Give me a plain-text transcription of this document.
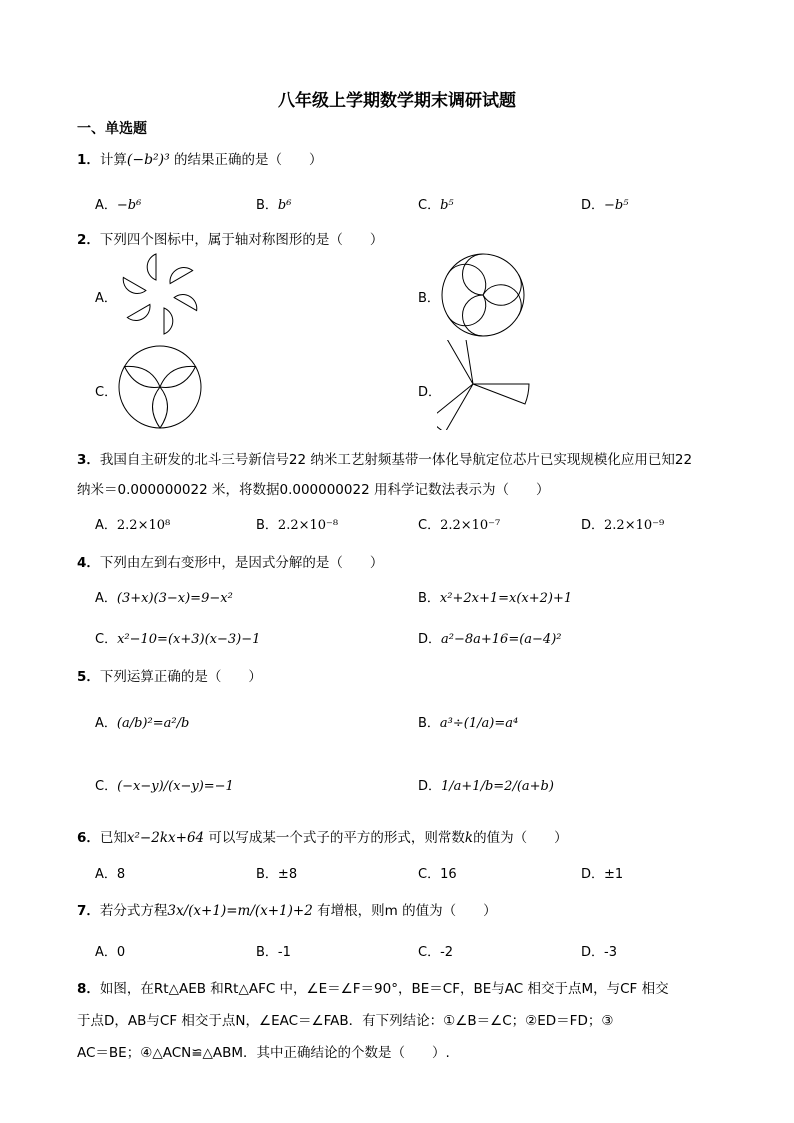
八年级上学期数学期末调研试题
一、单选题
1．计算(−b²)³ 的结果正确的是（　　）
A．−b⁶	B．b⁶	C．b⁵	D．−b⁵
2．下列四个图标中，属于轴对称图形的是（　　）
A．	B．
C．	D．
3．我国自主研发的北斗三号新信号22 纳米工艺射频基带一体化导航定位芯片已实现规模化应用已知22
纳米＝0.000000022 米，将数据0.000000022 用科学记数法表示为（　　）
A．2.2×10⁸	B．2.2×10⁻⁸	C．2.2×10⁻⁷	D．2.2×10⁻⁹
4．下列由左到右变形中，是因式分解的是（　　）
A．(3+x)(3−x)=9−x²	B．x²+2x+1=x(x+2)+1
C．x²−10=(x+3)(x−3)−1	D．a²−8a+16=(a−4)²
5．下列运算正确的是（　　）
A．(a/b)²=a²/b	B．a³÷(1/a)=a⁴
C．(−x−y)/(x−y)=−1	D．1/a+1/b=2/(a+b)
6．已知x²−2kx+64 可以写成某一个式子的平方的形式，则常数k的值为（　　）
A．8	B．±8	C．16	D．±1
7．若分式方程3x/(x+1)=m/(x+1)+2 有增根，则m 的值为（　　）
A．0	B．-1	C．-2	D．-3
8．如图，在Rt△AEB 和Rt△AFC 中，∠E＝∠F＝90°，BE＝CF，BE与AC 相交于点M，与CF 相交
于点D，AB与CF 相交于点N，∠EAC＝∠FAB．有下列结论：①∠B＝∠C；②ED＝FD；③
AC＝BE；④△ACN≌△ABM．其中正确结论的个数是（　　）.
